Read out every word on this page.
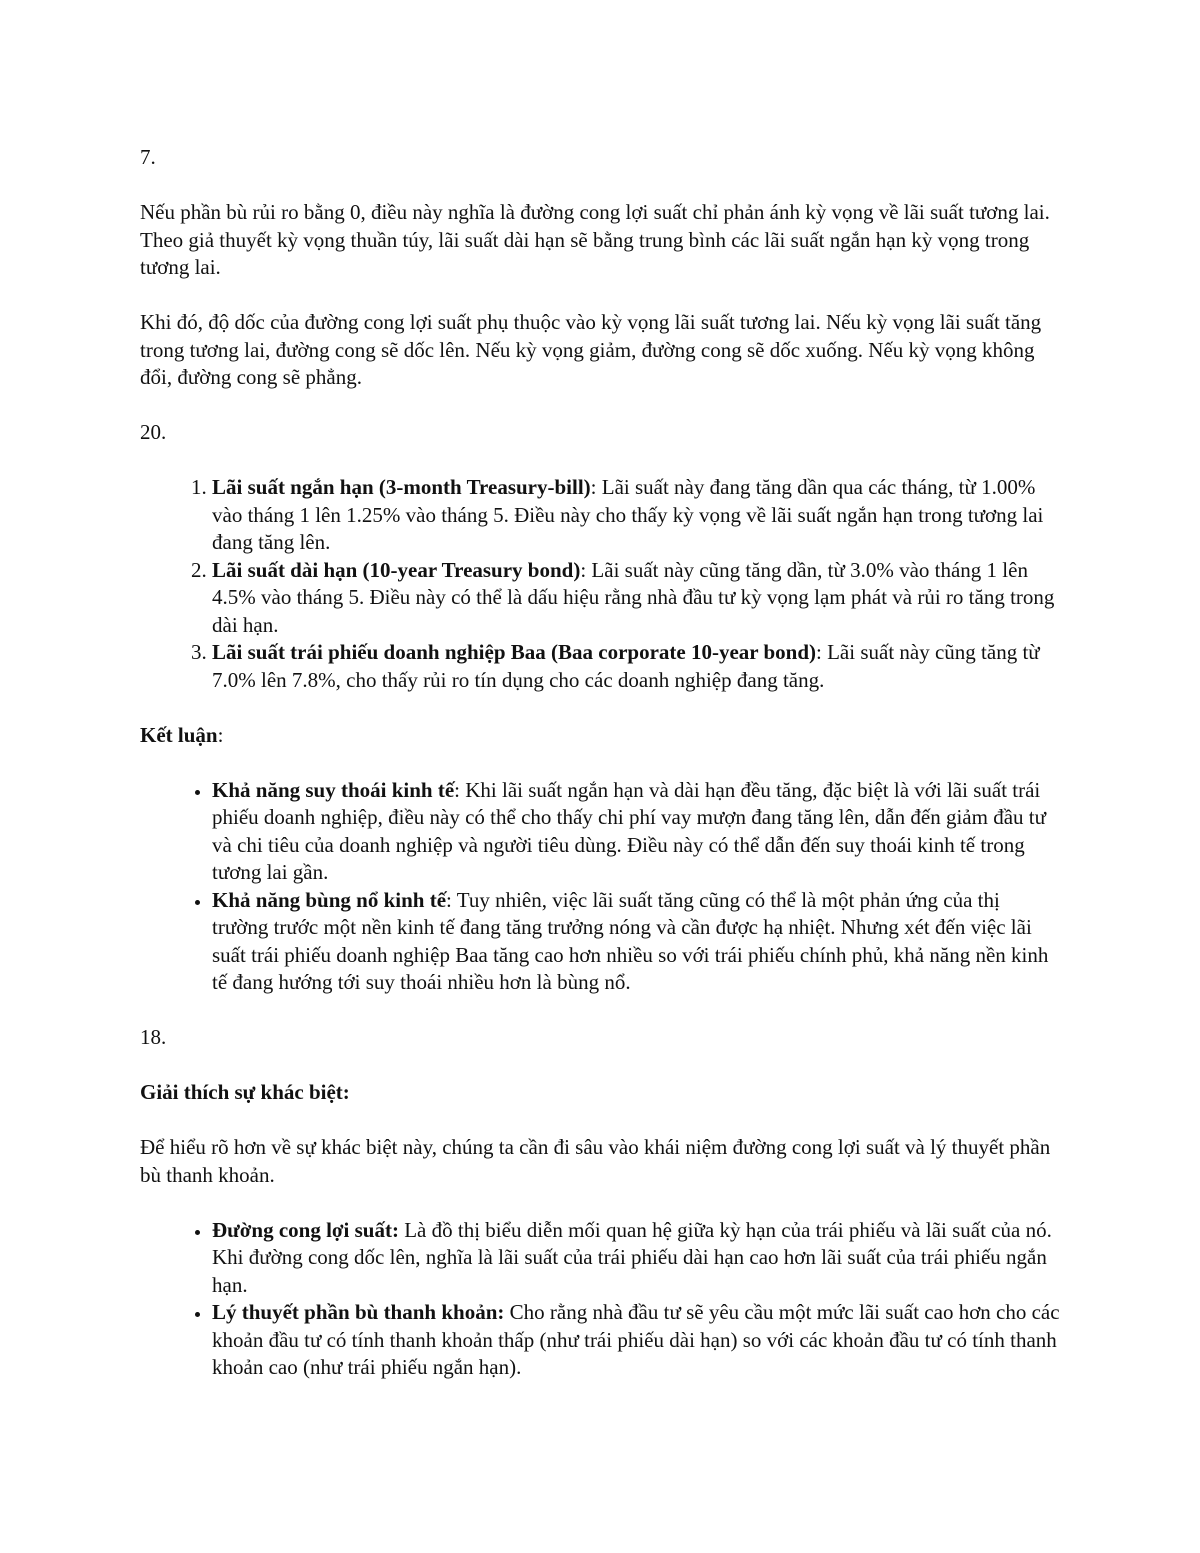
7.

Nếu phần bù rủi ro bằng 0, điều này nghĩa là đường cong lợi suất chỉ phản ánh kỳ vọng về lãi suất tương lai. Theo giả thuyết kỳ vọng thuần túy, lãi suất dài hạn sẽ bằng trung bình các lãi suất ngắn hạn kỳ vọng trong tương lai.

Khi đó, độ dốc của đường cong lợi suất phụ thuộc vào kỳ vọng lãi suất tương lai. Nếu kỳ vọng lãi suất tăng trong tương lai, đường cong sẽ dốc lên. Nếu kỳ vọng giảm, đường cong sẽ dốc xuống. Nếu kỳ vọng không đổi, đường cong sẽ phẳng.

20.

1. Lãi suất ngắn hạn (3-month Treasury-bill): Lãi suất này đang tăng dần qua các tháng, từ 1.00% vào tháng 1 lên 1.25% vào tháng 5. Điều này cho thấy kỳ vọng về lãi suất ngắn hạn trong tương lai đang tăng lên.
2. Lãi suất dài hạn (10-year Treasury bond): Lãi suất này cũng tăng dần, từ 3.0% vào tháng 1 lên 4.5% vào tháng 5. Điều này có thể là dấu hiệu rằng nhà đầu tư kỳ vọng lạm phát và rủi ro tăng trong dài hạn.
3. Lãi suất trái phiếu doanh nghiệp Baa (Baa corporate 10-year bond): Lãi suất này cũng tăng từ 7.0% lên 7.8%, cho thấy rủi ro tín dụng cho các doanh nghiệp đang tăng.

Kết luận:

• Khả năng suy thoái kinh tế: Khi lãi suất ngắn hạn và dài hạn đều tăng, đặc biệt là với lãi suất trái phiếu doanh nghiệp, điều này có thể cho thấy chi phí vay mượn đang tăng lên, dẫn đến giảm đầu tư và chi tiêu của doanh nghiệp và người tiêu dùng. Điều này có thể dẫn đến suy thoái kinh tế trong tương lai gần.
• Khả năng bùng nổ kinh tế: Tuy nhiên, việc lãi suất tăng cũng có thể là một phản ứng của thị trường trước một nền kinh tế đang tăng trưởng nóng và cần được hạ nhiệt. Nhưng xét đến việc lãi suất trái phiếu doanh nghiệp Baa tăng cao hơn nhiều so với trái phiếu chính phủ, khả năng nền kinh tế đang hướng tới suy thoái nhiều hơn là bùng nổ.

18.

Giải thích sự khác biệt:

Để hiểu rõ hơn về sự khác biệt này, chúng ta cần đi sâu vào khái niệm đường cong lợi suất và lý thuyết phần bù thanh khoản.

• Đường cong lợi suất: Là đồ thị biểu diễn mối quan hệ giữa kỳ hạn của trái phiếu và lãi suất của nó. Khi đường cong dốc lên, nghĩa là lãi suất của trái phiếu dài hạn cao hơn lãi suất của trái phiếu ngắn hạn.
• Lý thuyết phần bù thanh khoản: Cho rằng nhà đầu tư sẽ yêu cầu một mức lãi suất cao hơn cho các khoản đầu tư có tính thanh khoản thấp (như trái phiếu dài hạn) so với các khoản đầu tư có tính thanh khoản cao (như trái phiếu ngắn hạn).
